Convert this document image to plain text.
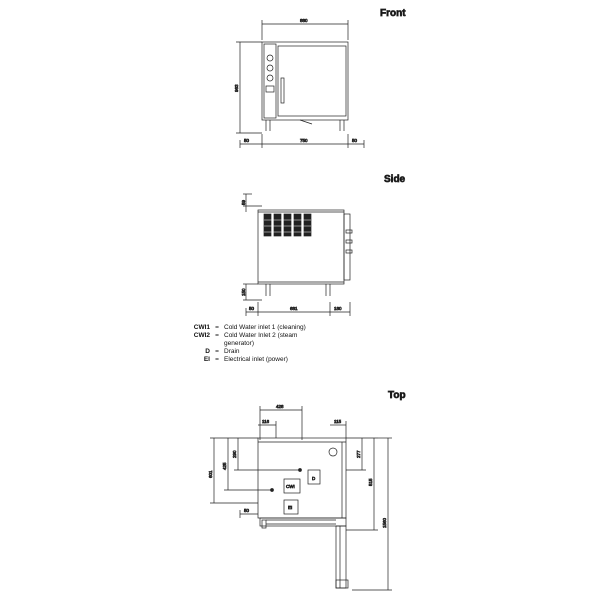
Front
880
963
50	750	50
Side
59
150
50	681	180
Top
428
116	115
D
CWI
EI
290
425
601
277
515
1560
50
CWI1 = Cold Water inlet 1 (cleaning)
CWI2 = Cold Water Inlet 2 (steam generator)
D = Drain
EI = Electrical inlet (power)
